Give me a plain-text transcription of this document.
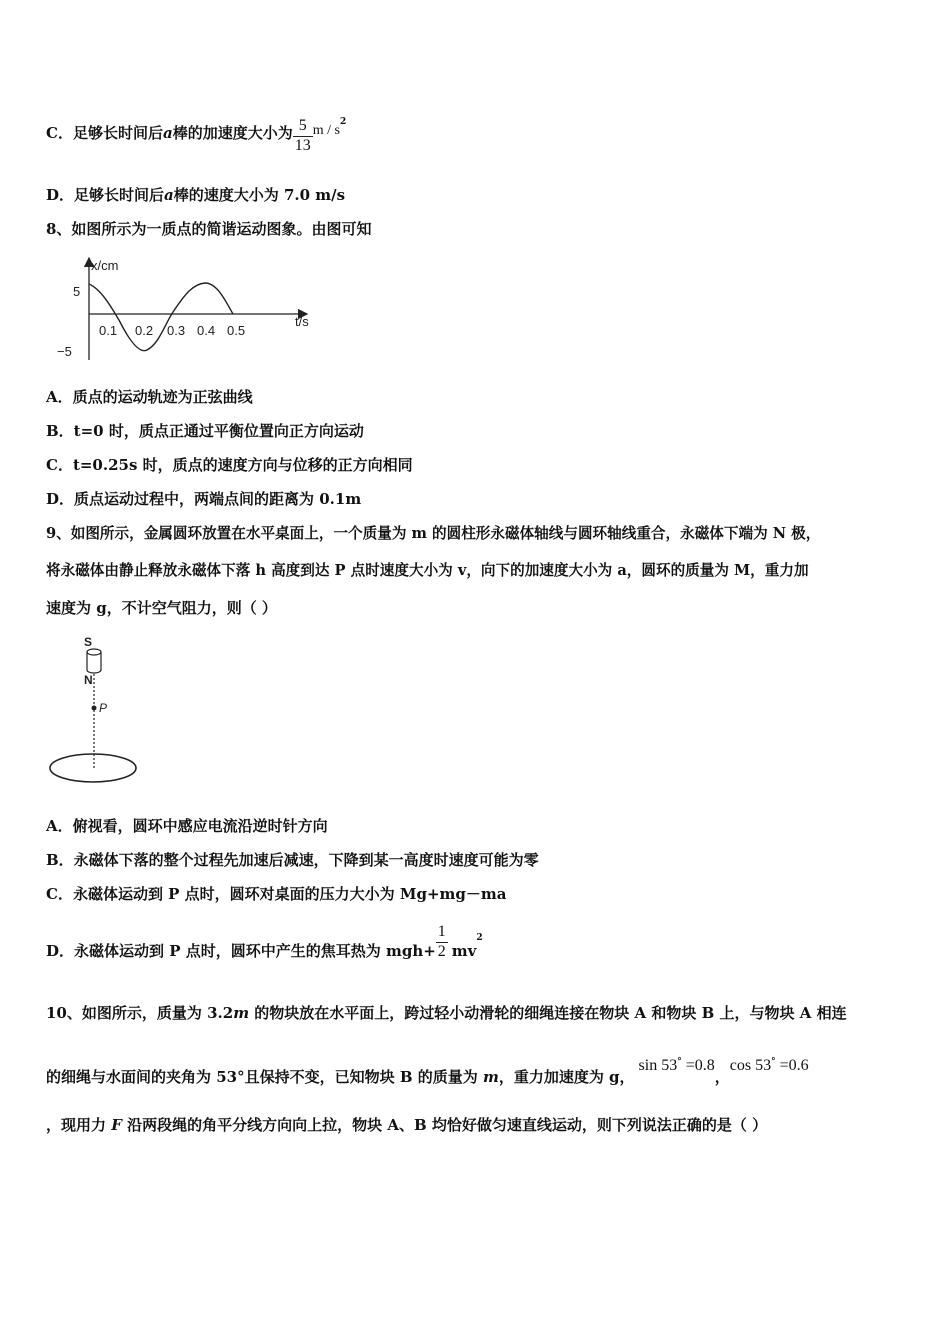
C．足够长时间后a棒的加速度大小为 $\frac{5}{13}$ m / $s^2$
D．足够长时间后a棒的速度大小为 7.0 m/s
8、如图所示为一质点的简谐运动图象。由图可知
x/cm
t/s
5
−5
0.1 0.2 0.3 0.4 0.5
A．质点的运动轨迹为正弦曲线
B．t=0 时，质点正通过平衡位置向正方向运动
C．t=0.25s 时，质点的速度方向与位移的正方向相同
D．质点运动过程中，两端点间的距离为 0.1m
9、如图所示，金属圆环放置在水平桌面上，一个质量为 m 的圆柱形永磁体轴线与圆环轴线重合，永磁体下端为 N 极，
将永磁体由静止释放永磁体下落 h 高度到达 P 点时速度大小为 v，向下的加速度大小为 a，圆环的质量为 M，重力加
速度为 g，不计空气阻力，则（ ）
S
N
P
A．俯视看，圆环中感应电流沿逆时针方向
B．永磁体下落的整个过程先加速后减速，下降到某一高度时速度可能为零
C．永磁体运动到 P 点时，圆环对桌面的压力大小为 Mg+mg－ma
D．永磁体运动到 P 点时，圆环中产生的焦耳热为 $mgh+ \frac{1}{2} mv^2$
10、如图所示，质量为 3.2m 的物块放在水平面上，跨过轻小动滑轮的细绳连接在物块 A 和物块 B 上，与物块 A 相连
的细绳与水面间的夹角为 53°且保持不变，已知物块 B 的质量为 m，重力加速度为 g，sin 53° =0.8，cos 53° =0.6
，现用力 F 沿两段绳的角平分线方向向上拉，物块 A、B 均恰好做匀速直线运动，则下列说法正确的是（ ）
